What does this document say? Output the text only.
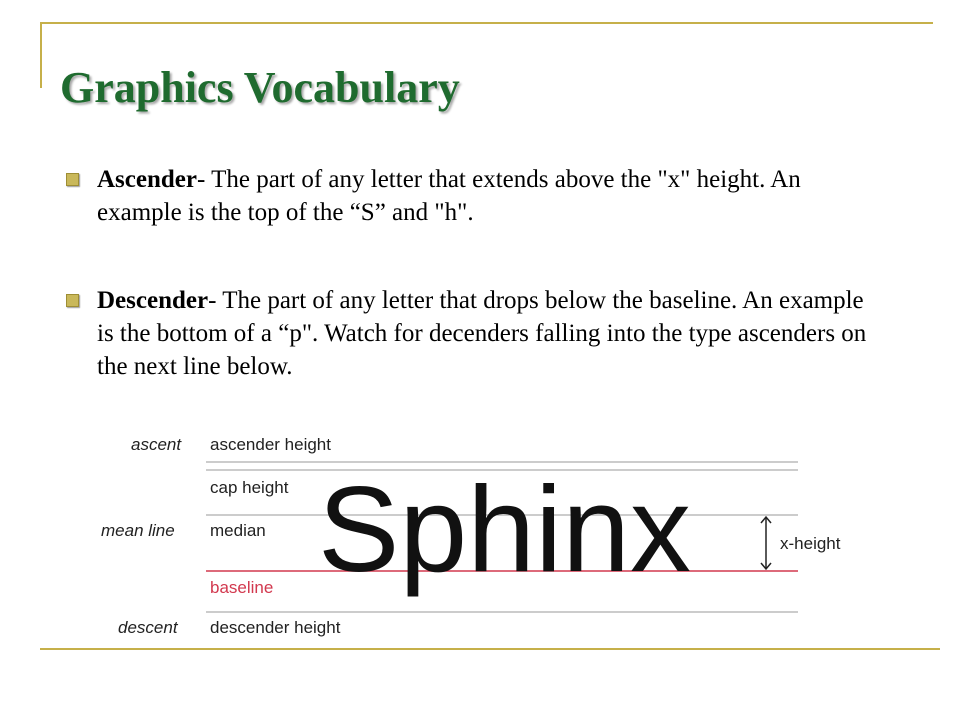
Graphics Vocabulary
Ascender- The part of any letter that extends above the "x" height. An example is the top of the “S” and "h".
Descender- The part of any letter that drops below the baseline. An example is the bottom of a “p". Watch for decenders falling into the type ascenders on the next line below.
ascent
mean line
descent
ascender height
cap height
median
baseline
descender height
Sphinx	x-height
